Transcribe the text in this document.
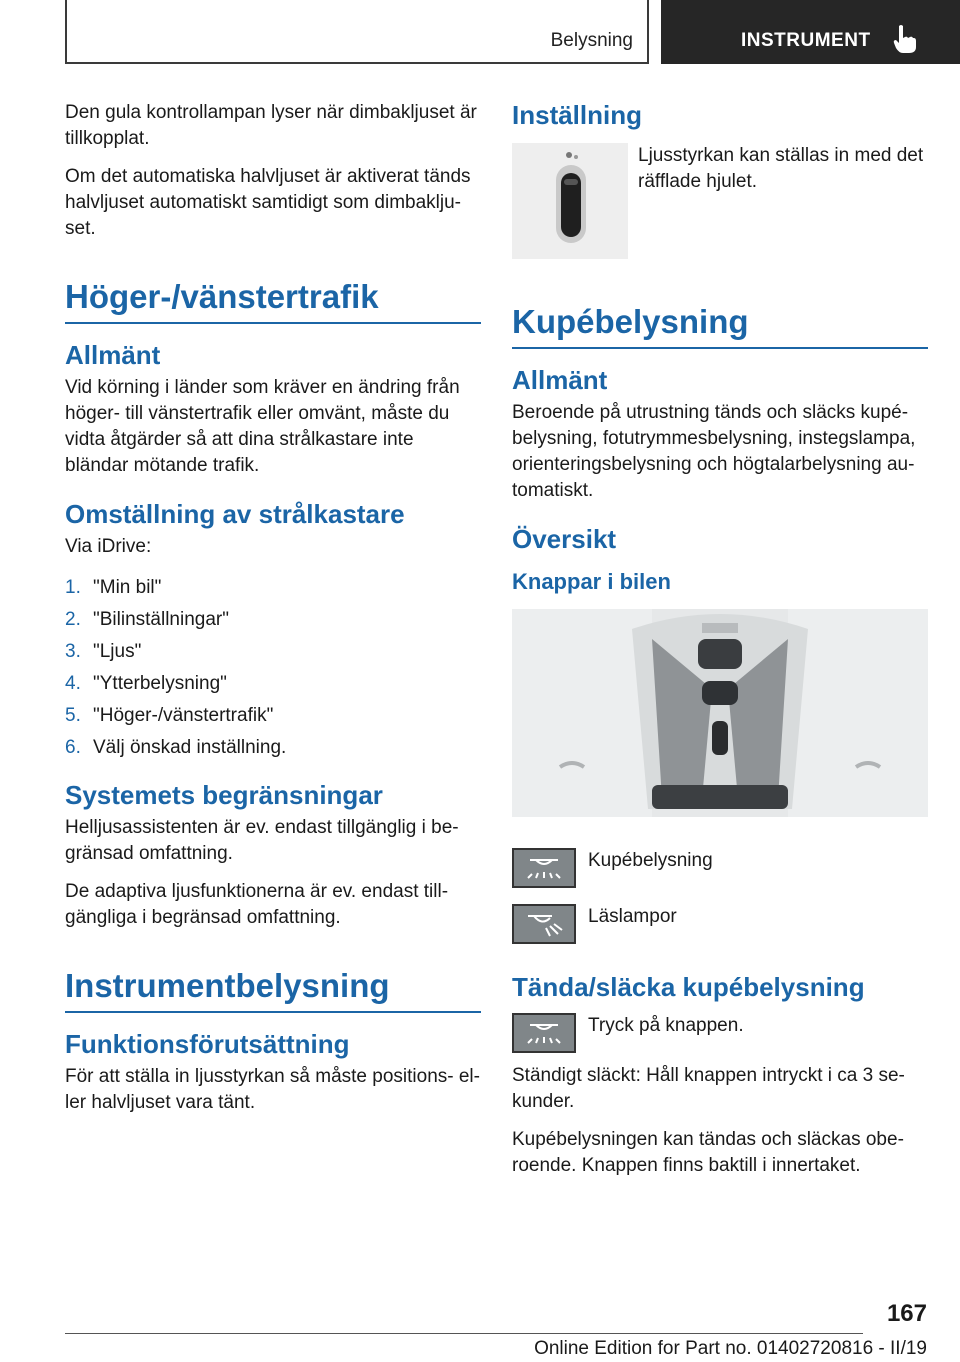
Belysning	INSTRUMENT

Den gula kontrollampan lyser när dimbakljuset är tillkopplat.

Om det automatiska halvljuset är aktiverat tänds halvljuset automatiskt samtidigt som dimbakljuset.

Höger-/vänstertrafik
Allmänt

Vid körning i länder som kräver en ändring från höger- till vänstertrafik eller omvänt, måste du vidta åtgärder så att dina strålkastare inte bländar mötande trafik.

Omställning av strålkastare

Via iDrive:

1. "Min bil"
2. "Bilinställningar"
3. "Ljus"
4. "Ytterbelysning"
5. "Höger-/vänstertrafik"
6. Välj önskad inställning.
Systemets begränsningar

Helljusassistenten är ev. endast tillgänglig i begränsad omfattning.

De adaptiva ljusfunktionerna är ev. endast tillgängliga i begränsad omfattning.

Instrumentbelysning
Funktionsförutsättning

För att ställa in ljusstyrkan så måste positions- eller halvljuset vara tänt.

Inställning
Ljusstyrkan kan ställas in med det räfflade hjulet.
Kupébelysning
Allmänt

Beroende på utrustning tänds och släcks kupébelysning, fotutrymmesbelysning, instegslampa, orienteringsbelysning och högtalarbelysning automatiskt.

Översikt
Knappar i bilen
Kupébelysning
Läslampor
Tända/släcka kupébelysning
Tryck på knappen.

Ständigt släckt: Håll knappen intryckt i ca 3 sekunder.

Kupébelysningen kan tändas och släckas oberoende. Knappen finns baktill i innertaket.

167
Online Edition for Part no. 01402720816 - II/19
